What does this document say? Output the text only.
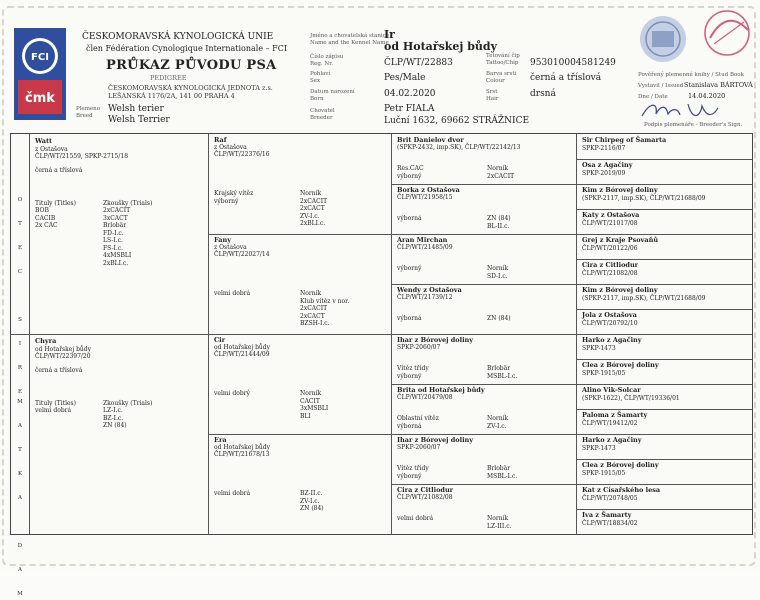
FCI
čmk
ČESKOMORAVSKÁ KYNOLOGICKÁ UNIE
člen Fédération Cynologique Internationale – FCI
PRŮKAZ PŮVODU PSA
PEDIGREE
ČESKOMORAVSKÁ KYNOLOGICKÁ JEDNOTA z.s.
LEŠANSKÁ 1176/2A, 141 00 PRAHA 4
Plemeno
Breed
Welsh terier
Welsh Terrier
Jméno a chovatelská stanice
Name and the Kennel Name
Číslo zápisu
Reg. Nr.
Pohlaví
Sex
Datum narození
Born
Chovatel
Breeder
Ir
od Hotařskej bůdy
ČLP/WT/22883
Pes/Male
04.02.2020
Petr FIALA
Luční 1632, 69662 STRÁŽNICE
Tetování čip
Tattoo/Chip
Barva srsti
Colour
Srst
Hair
953010004581249
černá a tříslová
drsná
Pověřený plemenné knihy / Stud Book
Vystavil / Issued Stanislava BÁRTOVÁ
Dne / Date	14.04.2020
Podpis plemenáře - Breeder's Sign.
O

T

E

C

S

I

R

E
M

A

T

K

A

D

A

M
Watt
z Ostašova
ČLP/WT/21559, SPKP-2715/18
černá a tříslová
Tituly (Titles)
BOB
CACIB
2x CAC
Zkoušky (Trials)
2xCACIT
3xCACT
Brlobär
FD-I.c.
LS-I.c.
FS-I.c.
4xMSBLI
2xBLI.c.
Chyra
od Hotařskej bůdy
ČLP/WT/22397/20
černá a tříslová
Tituly (Titles)
velmi dobrá
Zkoušky (Trials)
LZ-I.c.
BZ-I.c.
ZN (84)
Raf
z Ostašova
ČLP/WT/22376/16
Krajský vítěz
výborný
Norník
2xCACIT
2xCACT
ZV-I.c.
2xBLI.c.
Fany
z Ostašova
ČLP/WT/22027/14
velmi dobrá	Norník
Klub vítěz v nor.
2xCACIT
2xCACT
BZSH-I.c.
Cir
od Hotařskej bůdy
ČLP/WT/21444/09
velmi dobrý	Norník
CACIT
3xMSBLI
BLI
Era
od Hotařskej bůdy
ČLP/WT/21678/13
velmi dobrá	BZ-II.c.
ZV-I.c.
ZN (84)
Brit Danielov dvor
(SPKP-2432, imp.SK), ČLP/WT/22142/13
Res.CAC
výborný
Norník
2xCACIT
Borka z Ostašova
ČLP/WT/21958/15
výborná	ZN (84)
BL-II.c.
Aran Mirchan
ČLP/WT/21485/09
výborný	Norník
SD-I.c.
Wendy z Ostašova
ČLP/WT/21739/12
výborná	ZN (84)
Ihar z Bórovej doliny
SPKP-2060/07
Vítěz třídy
výborný
Brlobär
MSBL-I.c.
Brita od Hotařskej bůdy
ČLP/WT/20479/08
Oblastní vítěz
výborná
Norník
ZV-I.c.
Ihar z Bórovej doliny
SPKP-2060/07
Vítěz třídy
výborný
Brlobär
MSBL-I.c.
Cira z Citliodur
ČLP/WT/21082/08
velmi dobrá	Norník
LZ-III.c.
Sir Chirpeg of Šamarta
SPKP-2116/07
Osa z Agačiny
SPKP-2019/09
Kim z Bórovej doliny
(SPKP-2117, imp.SK), ČLP/WT/21688/09
Katy z Ostašova
ČLP/WT/21017/08
Grej z Kraje Psovaňů
ČLP/WT/20122/06
Cira z Citliodur
ČLP/WT/21082/08
Kim z Bórovej doliny
(SPKP-2117, imp.SK), ČLP/WT/21688/09
Jola z Ostašova
ČLP/WT/20792/10
Harko z Agačiny
SPKP-1473
Clea z Bórovej doliny
SPKP-1915/05
Alino Vik-Solcar
(SPKP-1622), ČLP/WT/19336/01
Paloma z Šamarty
ČLP/WT/19412/02
Harko z Agačiny
SPKP-1473
Clea z Bórovej doliny
SPKP-1915/05
Kat z Císařského lesa
ČLP/WT/20748/05
Iva z Šamarty
ČLP/WT/18834/02
